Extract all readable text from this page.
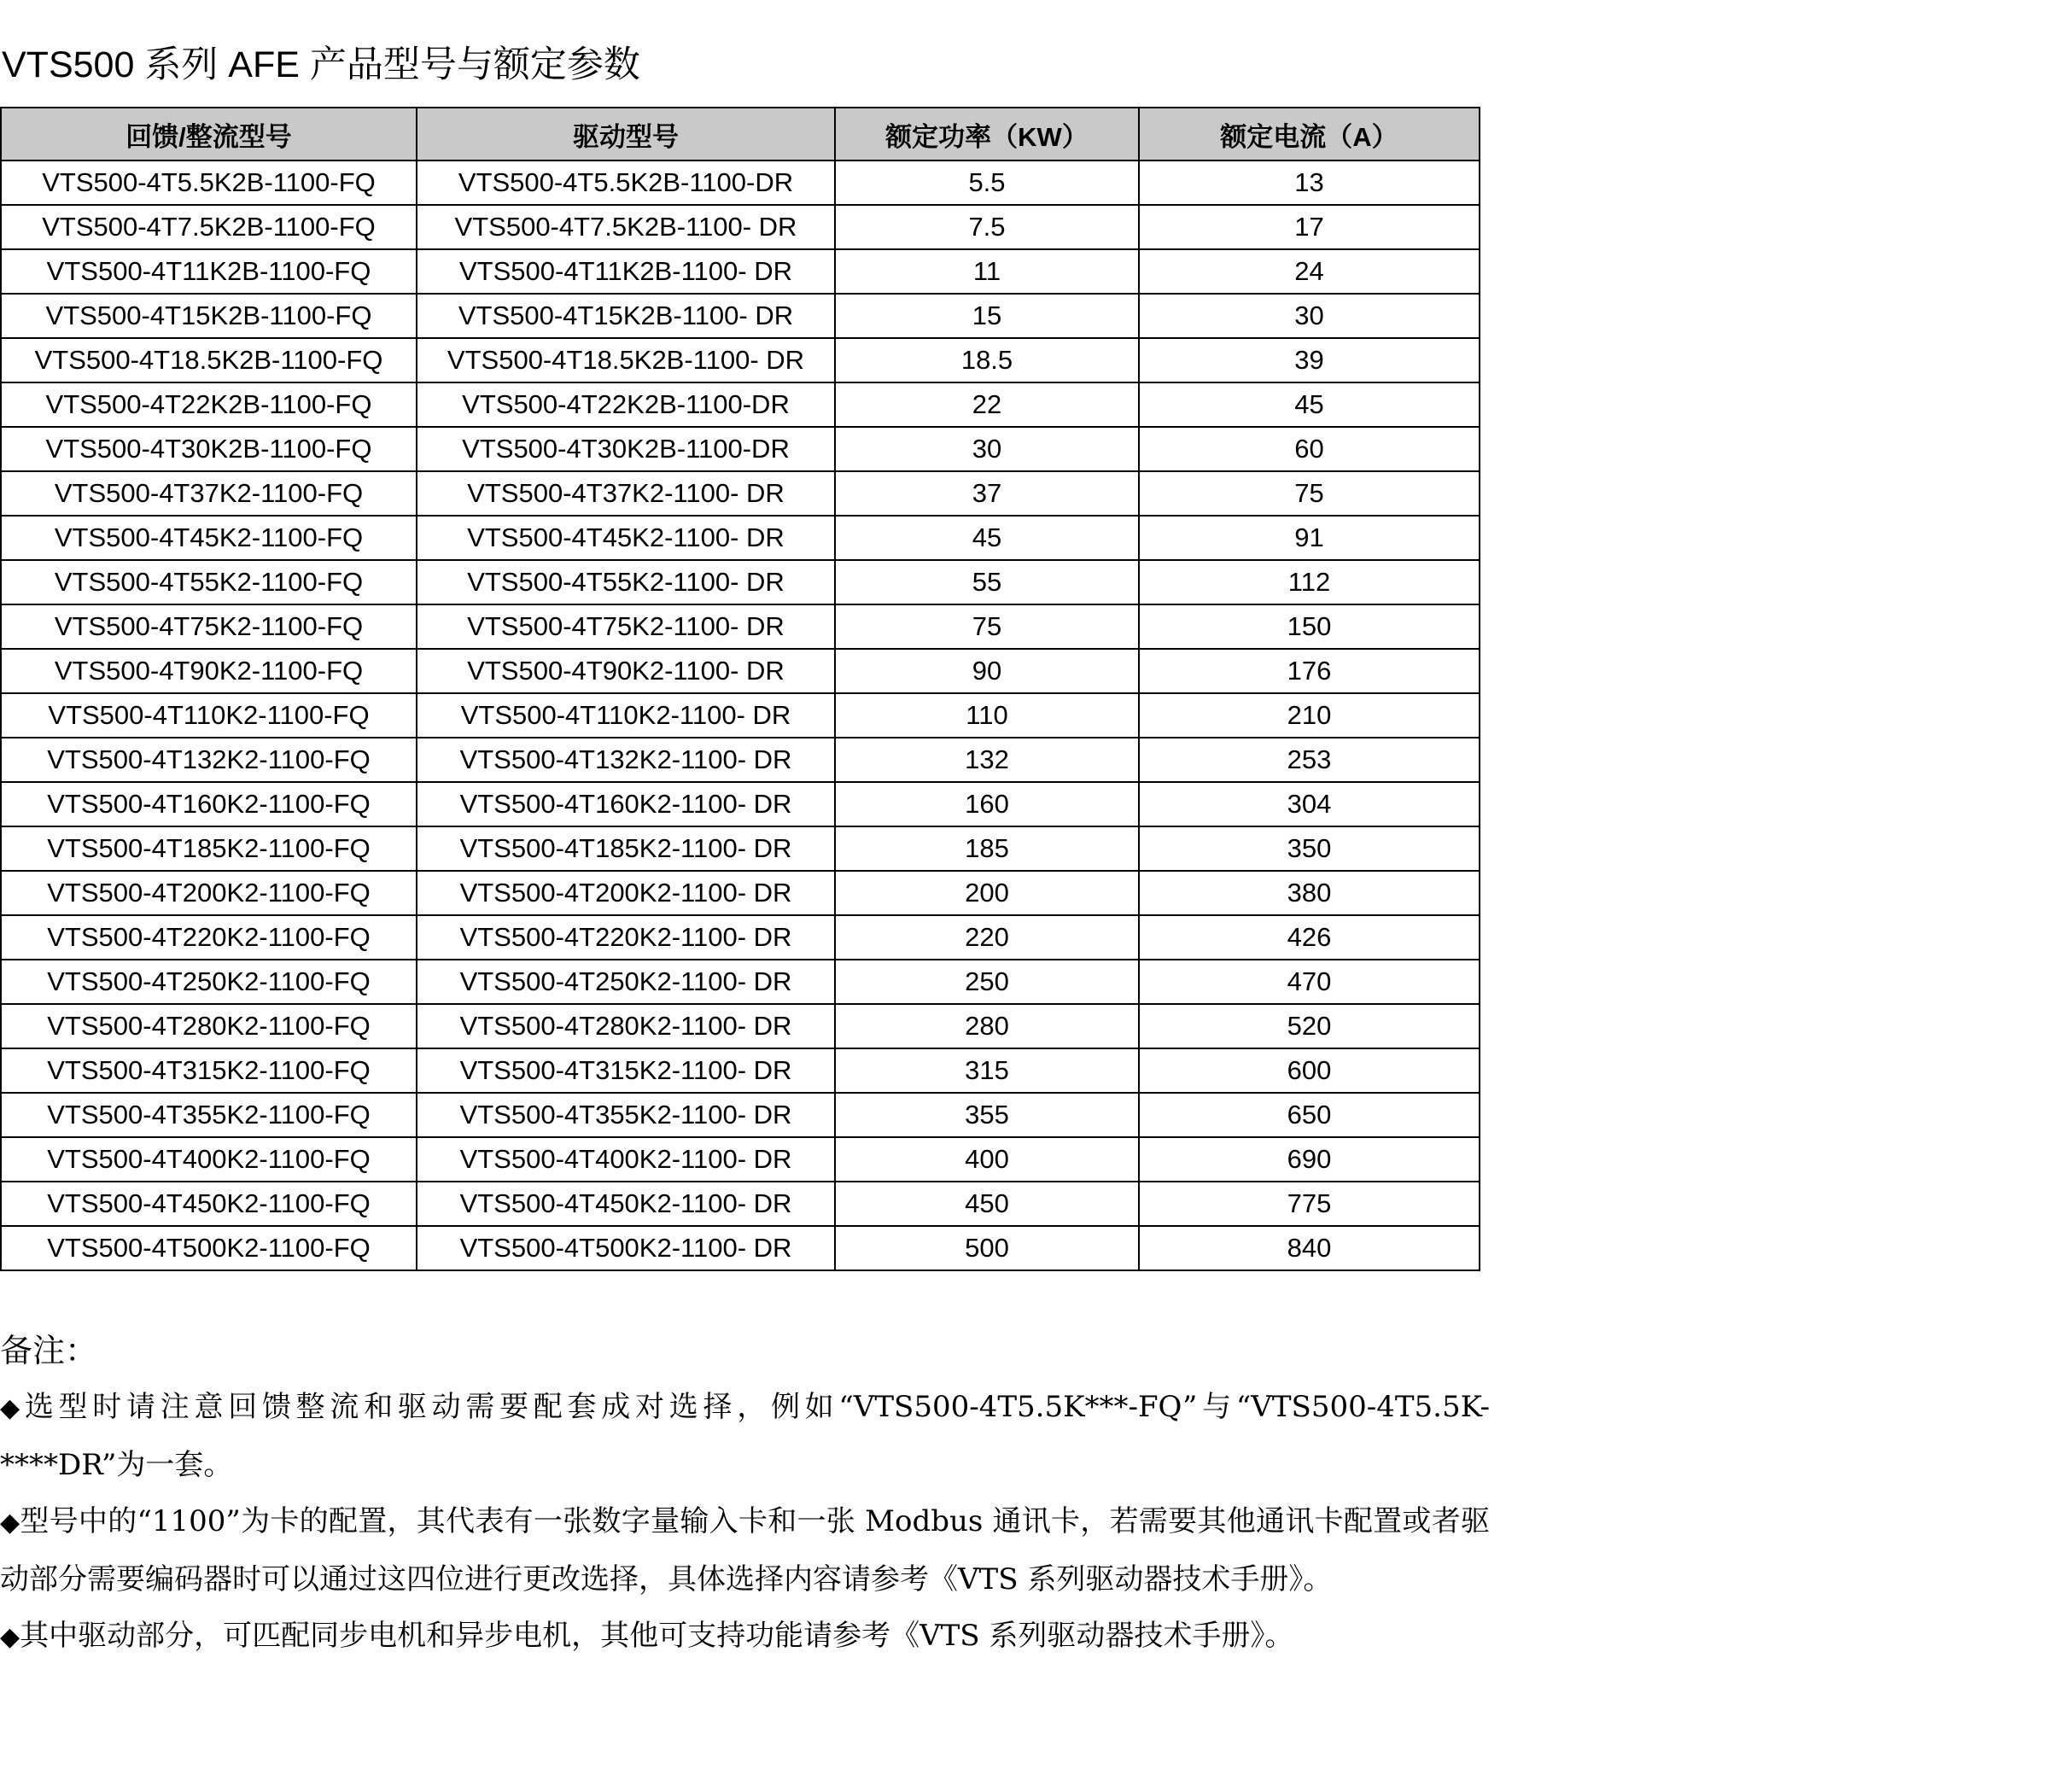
VTS500 系列 AFE 产品型号与额定参数
回馈/整流型号	驱动型号	额定功率（KW）	额定电流（A）
VTS500-4T5.5K2B-1100-FQ	VTS500-4T5.5K2B-1100-DR	5.5	13
VTS500-4T7.5K2B-1100-FQ	VTS500-4T7.5K2B-1100- DR	7.5	17
VTS500-4T11K2B-1100-FQ	VTS500-4T11K2B-1100- DR	11	24
VTS500-4T15K2B-1100-FQ	VTS500-4T15K2B-1100- DR	15	30
VTS500-4T18.5K2B-1100-FQ	VTS500-4T18.5K2B-1100- DR	18.5	39
VTS500-4T22K2B-1100-FQ	VTS500-4T22K2B-1100-DR	22	45
VTS500-4T30K2B-1100-FQ	VTS500-4T30K2B-1100-DR	30	60
VTS500-4T37K2-1100-FQ	VTS500-4T37K2-1100- DR	37	75
VTS500-4T45K2-1100-FQ	VTS500-4T45K2-1100- DR	45	91
VTS500-4T55K2-1100-FQ	VTS500-4T55K2-1100- DR	55	112
VTS500-4T75K2-1100-FQ	VTS500-4T75K2-1100- DR	75	150
VTS500-4T90K2-1100-FQ	VTS500-4T90K2-1100- DR	90	176
VTS500-4T110K2-1100-FQ	VTS500-4T110K2-1100- DR	110	210
VTS500-4T132K2-1100-FQ	VTS500-4T132K2-1100- DR	132	253
VTS500-4T160K2-1100-FQ	VTS500-4T160K2-1100- DR	160	304
VTS500-4T185K2-1100-FQ	VTS500-4T185K2-1100- DR	185	350
VTS500-4T200K2-1100-FQ	VTS500-4T200K2-1100- DR	200	380
VTS500-4T220K2-1100-FQ	VTS500-4T220K2-1100- DR	220	426
VTS500-4T250K2-1100-FQ	VTS500-4T250K2-1100- DR	250	470
VTS500-4T280K2-1100-FQ	VTS500-4T280K2-1100- DR	280	520
VTS500-4T315K2-1100-FQ	VTS500-4T315K2-1100- DR	315	600
VTS500-4T355K2-1100-FQ	VTS500-4T355K2-1100- DR	355	650
VTS500-4T400K2-1100-FQ	VTS500-4T400K2-1100- DR	400	690
VTS500-4T450K2-1100-FQ	VTS500-4T450K2-1100- DR	450	775
VTS500-4T500K2-1100-FQ	VTS500-4T500K2-1100- DR	500	840
备注：

◆选型时请注意回馈整流和驱动需要配套成对选择，例如“VTS500-4T5.5K***-FQ”与“VTS500-4T5.5K-****DR”为一套。

◆型号中的“1100”为卡的配置，其代表有一张数字量输入卡和一张 Modbus 通讯卡，若需要其他通讯卡配置或者驱动部分需要编码器时可以通过这四位进行更改选择，具体选择内容请参考《VTS 系列驱动器技术手册》。

◆其中驱动部分，可匹配同步电机和异步电机，其他可支持功能请参考《VTS 系列驱动器技术手册》。
